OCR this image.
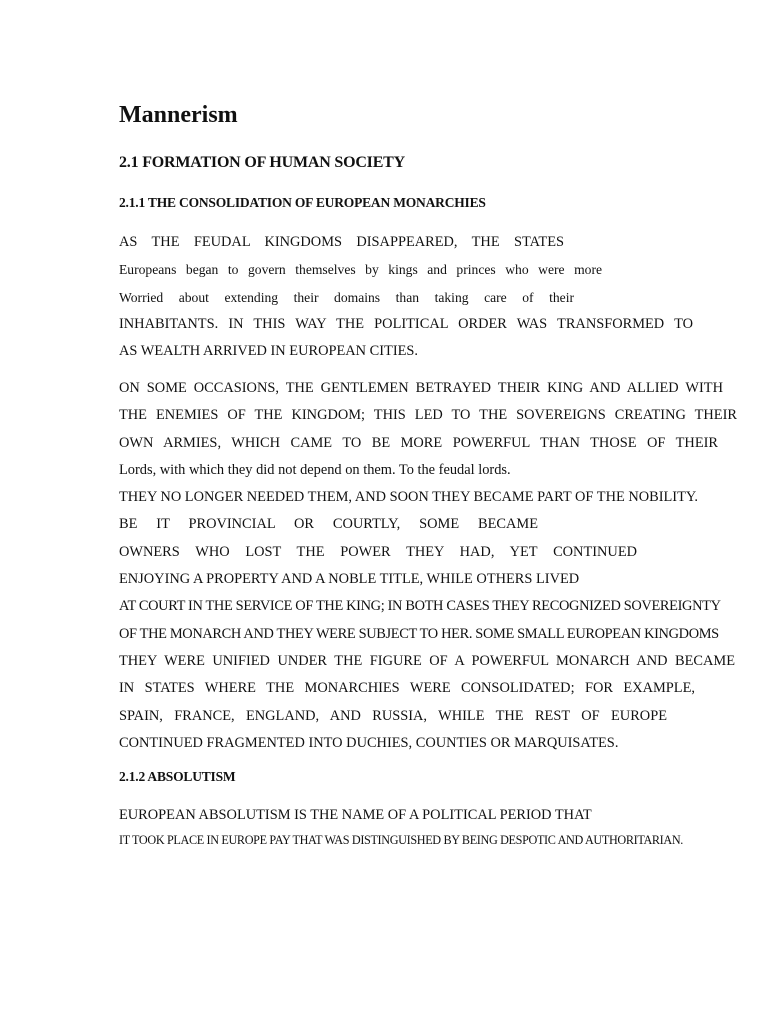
Mannerism
2.1 FORMATION OF HUMAN SOCIETY
2.1.1 THE CONSOLIDATION OF EUROPEAN MONARCHIES
AS THE FEUDAL KINGDOMS DISAPPEARED, THE STATES
Europeans began to govern themselves by kings and princes who were more
Worried about extending their domains than taking care of their
INHABITANTS. IN THIS WAY THE POLITICAL ORDER WAS TRANSFORMED TO
AS WEALTH ARRIVED IN EUROPEAN CITIES.
ON SOME OCCASIONS, THE GENTLEMEN BETRAYED THEIR KING AND ALLIED WITH
THE ENEMIES OF THE KINGDOM; THIS LED TO THE SOVEREIGNS CREATING THEIR
OWN ARMIES, WHICH CAME TO BE MORE POWERFUL THAN THOSE OF THEIR
Lords, with which they did not depend on them. To the feudal lords.
THEY NO LONGER NEEDED THEM, AND SOON THEY BECAME PART OF THE NOBILITY.
BE IT PROVINCIAL OR COURTLY, SOME BECAME
OWNERS WHO LOST THE POWER THEY HAD, YET CONTINUED
ENJOYING A PROPERTY AND A NOBLE TITLE, WHILE OTHERS LIVED
AT COURT IN THE SERVICE OF THE KING; IN BOTH CASES THEY RECOGNIZED SOVEREIGNTY
OF THE MONARCH AND THEY WERE SUBJECT TO HER. SOME SMALL EUROPEAN KINGDOMS
THEY WERE UNIFIED UNDER THE FIGURE OF A POWERFUL MONARCH AND BECAME
IN STATES WHERE THE MONARCHIES WERE CONSOLIDATED; FOR EXAMPLE,
SPAIN, FRANCE, ENGLAND, AND RUSSIA, WHILE THE REST OF EUROPE
CONTINUED FRAGMENTED INTO DUCHIES, COUNTIES OR MARQUISATES.
2.1.2 ABSOLUTISM
EUROPEAN ABSOLUTISM IS THE NAME OF A POLITICAL PERIOD THAT
IT TOOK PLACE IN EUROPE PAY THAT WAS DISTINGUISHED BY BEING DESPOTIC AND AUTHORITARIAN.
